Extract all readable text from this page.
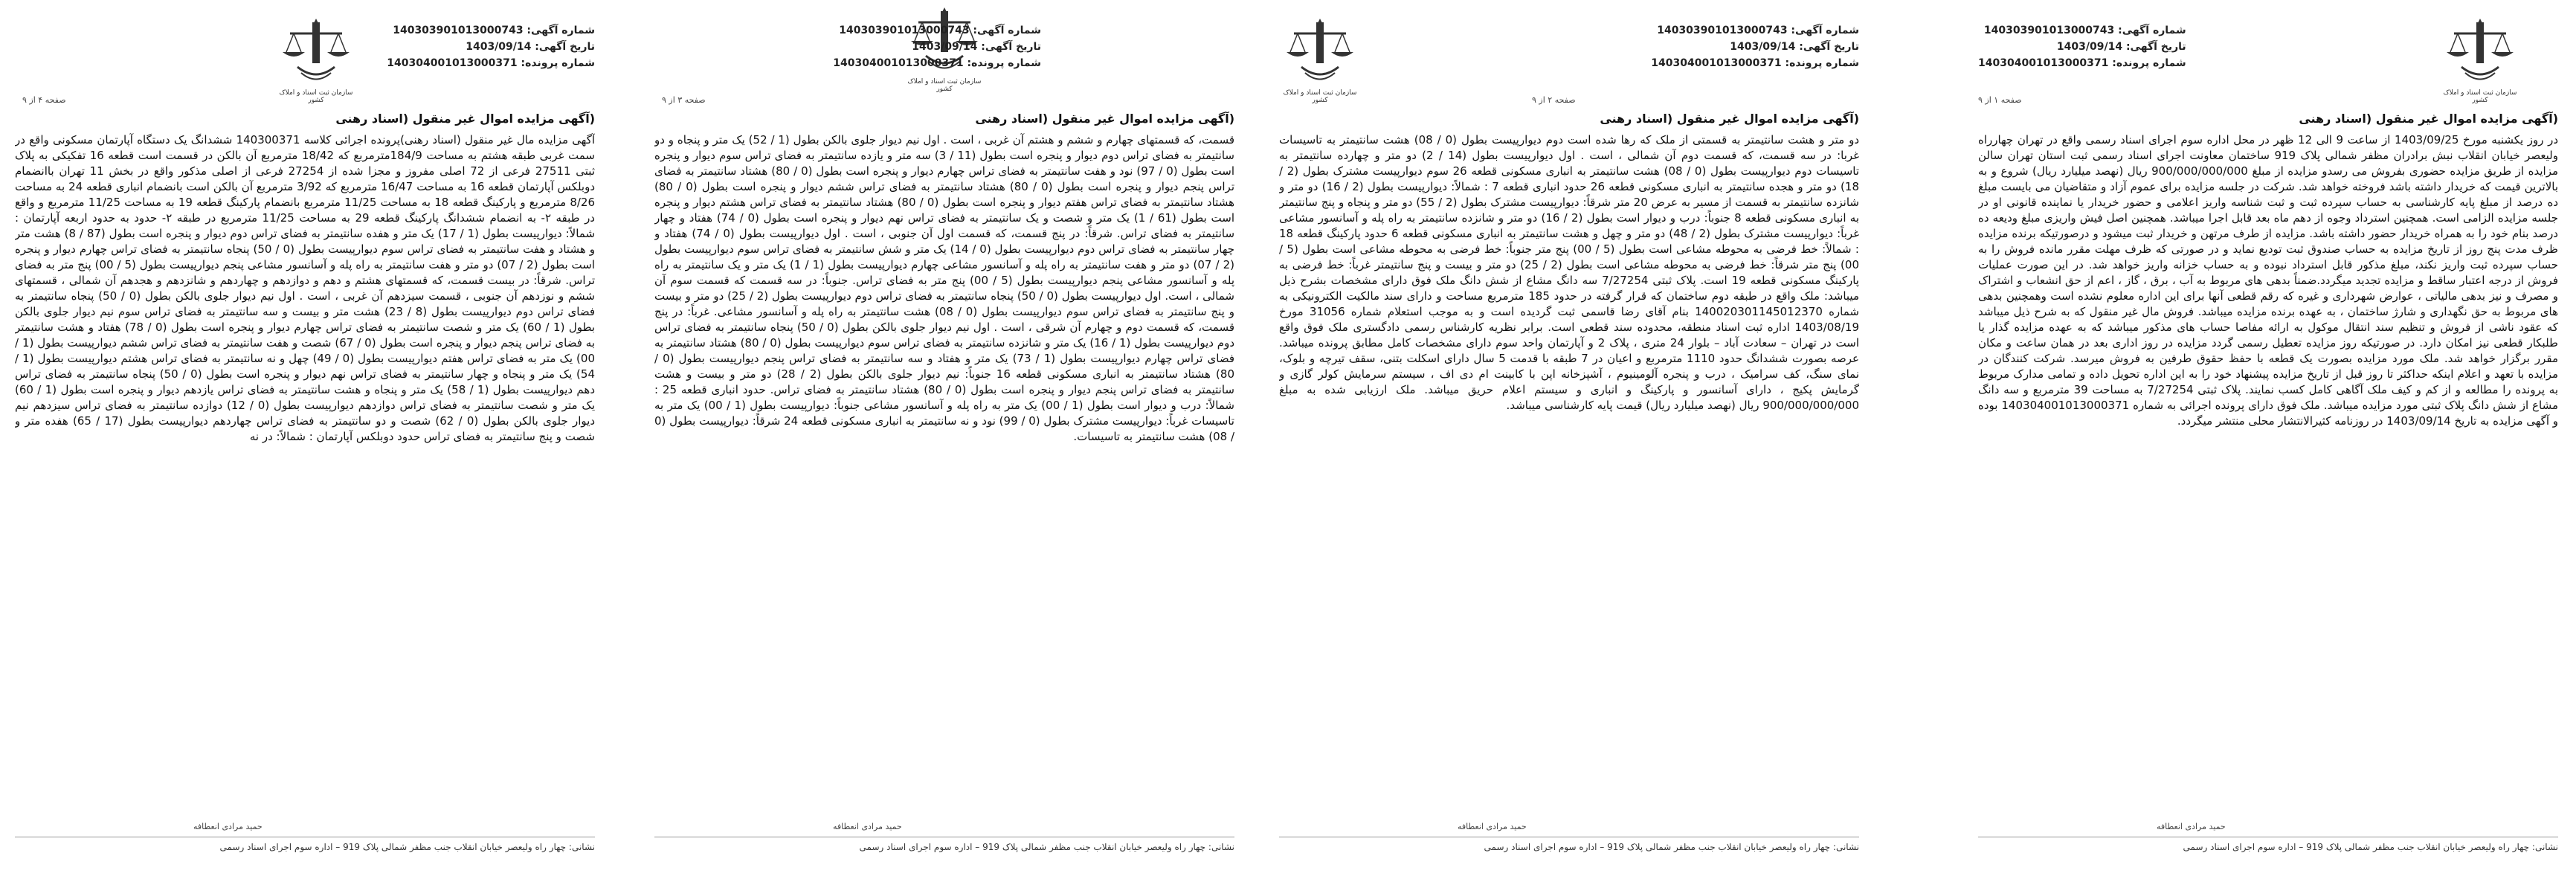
سازمان ثبت اسناد و املاک کشور
شماره آگهی: 140303901013000743
تاریخ آگهی: 1403/09/14
شماره پرونده: 140304001013000371
صفحه ۱ از ۹
(آگهی مزایده اموال غیر منقول (اسناد رهنی
در روز یکشنبه مورخ 1403/09/25 از ساعت 9 الی 12 ظهر در محل اداره سوم اجرای اسناد رسمی واقع در تهران چهارراه ولیعصر خیابان انقلاب نبش برادران مظفر شمالی پلاک 919 ساختمان معاونت اجرای اسناد رسمی ثبت استان تهران سالن مزایده از طریق مزایده حضوری بفروش می رسدو مزایده از مبلغ 900/000/000/000 ریال (نهصد میلیارد ریال) شروع و به بالاترین قیمت که خریدار داشته باشد فروخته خواهد شد. شرکت در جلسه مزایده برای عموم آزاد و متقاضیان می بایست مبلغ ده درصد از مبلغ پایه کارشناسی به حساب سپرده ثبت و ثبت شناسه واریز اعلامی و حضور خریدار یا نماینده قانونی او در جلسه مزایده الزامی است. همچنین استرداد وجوه از دهم ماه بعد قابل اجرا میباشد. همچنین اصل فیش واریزی مبلغ ودیعه ده درصد بنام خود را به همراه خریدار حضور داشته باشد. مزایده از طرف مرتهن و خریدار ثبت میشود و درصورتیکه برنده مزایده ظرف مدت پنج روز از تاریخ مزایده به حساب صندوق ثبت تودیع نماید و در صورتی که ظرف مهلت مقرر مانده فروش را به حساب سپرده ثبت واریز نکند، مبلغ مذکور قابل استرداد نبوده و به حساب خزانه واریز خواهد شد. در این صورت عملیات فروش از درجه اعتبار ساقط و مزایده تجدید میگردد.ضمناً بدهی های مربوط به آب ، برق ، گاز ، اعم از حق انشعاب و اشتراک و مصرف و نیز بدهی مالیاتی ، عوارض شهرداری و غیره که رقم قطعی آنها برای این اداره معلوم نشده است وهمچنین بدهی های مربوط به حق نگهداری و شارژ ساختمان ، به عهده برنده مزایده میباشد. فروش مال غیر منقول که به شرح ذیل میباشد که عقود ناشی از فروش و تنظیم سند انتقال موکول به ارائه مفاصا حساب های مذکور میباشد که به عهده مزایده گذار یا طلبکار قطعی نیز امکان دارد. در صورتیکه روز مزایده تعطیل رسمی گردد مزایده در روز اداری بعد در همان ساعت و مکان مقرر برگزار خواهد شد. ملک مورد مزایده بصورت یک قطعه با حفظ حقوق طرفین به فروش میرسد. شرکت کنندگان در مزایده با تعهد و اعلام اینکه حداکثر تا روز قبل از تاریخ مزایده پیشنهاد خود را به این اداره تحویل داده و تمامی مدارک مربوط به پرونده را مطالعه و از کم و کیف ملک آگاهی کامل کسب نمایند. پلاک ثبتی 7/27254 به مساحت 39 مترمربع و سه دانگ مشاع از شش دانگ پلاک ثبتی مورد مزایده میباشد. ملک فوق دارای پرونده اجرائی به شماره 140304001013000371 بوده و آگهی مزایده به تاریخ 1403/09/14 در روزنامه کثیرالانتشار محلی منتشر میگردد.
حمید مرادی انعطافه
نشانی: چهار راه ولیعصر خیابان انقلاب جنب مظفر شمالی پلاک 919 – اداره سوم اجرای اسناد رسمی
سازمان ثبت اسناد و املاک کشور
شماره آگهی: 140303901013000743
تاریخ آگهی: 1403/09/14
شماره پرونده: 140304001013000371
صفحه ۲ از ۹
(آگهی مزایده اموال غیر منقول (اسناد رهنی
دو متر و هشت سانتیمتر به قسمتی از ملک که رها شده است دوم دیوارپیست بطول (0 / 08) هشت سانتیمتر به تاسیسات غربا: در سه قسمت، که قسمت دوم آن شمالی ، است . اول دیوارپیست بطول (14 / 2) دو متر و چهارده سانتیمتر به تاسیسات دوم دیوارپیست بطول (0 / 08) هشت سانتیمتر به انباری مسکونی قطعه 26 سوم دیوارپیست مشترک بطول (2 / 18) دو متر و هجده سانتیمتر به انباری مسکونی قطعه 26 حدود انباری قطعه 7 : شمالاً: دیوارپیست بطول (2 / 16) دو متر و شانزده سانتیمتر به قسمت از مسیر به عرض 20 متر شرقاً: دیوارپیست مشترک بطول (2 / 55) دو متر و پنجاه و پنج سانتیمتر به انباری مسکونی قطعه 8 جنوباً: درب و دیوار است بطول (2 / 16) دو متر و شانزده سانتیمتر به راه پله و آسانسور مشاعی غرباً: دیوارپیست مشترک بطول (2 / 48) دو متر و چهل و هشت سانتیمتر به انباری مسکونی قطعه 6 حدود پارکینگ قطعه 18 : شمالاً: خط فرضی به محوطه مشاعی است بطول (5 / 00) پنج متر جنوباً: خط فرضی به محوطه مشاعی است بطول (5 / 00) پنج متر شرقاً: خط فرضی به محوطه مشاعی است بطول (2 / 25) دو متر و بیست و پنج سانتیمتر غرباً: خط فرضی به پارکینگ مسکونی قطعه 19 است. پلاک ثبتی 7/27254 سه دانگ مشاع از شش دانگ ملک فوق دارای مشخصات بشرح ذیل میباشد: ملک واقع در طبقه دوم ساختمان که قرار گرفته در حدود 185 مترمربع مساحت و دارای سند مالکیت الکترونیکی به شماره 140020301145012370 بنام آقای رضا قاسمی ثبت گردیده است و به موجب استعلام شماره 31056 مورخ 1403/08/19 اداره ثبت اسناد منطقه، محدوده سند قطعی است. برابر نظریه کارشناس رسمی دادگستری ملک فوق واقع است در تهران – سعادت آباد – بلوار 24 متری ، پلاک 2 و آپارتمان واحد سوم دارای مشخصات کامل مطابق پرونده میباشد. عرصه بصورت ششدانگ حدود 1110 مترمربع و اعیان در 7 طبقه با قدمت 5 سال دارای اسکلت بتنی، سقف تیرچه و بلوک، نمای سنگ، کف سرامیک ، درب و پنجره آلومینیوم ، آشپزخانه اپن با کابینت ام دی اف ، سیستم سرمایش کولر گازی و گرمایش پکیج ، دارای آسانسور و پارکینگ و انباری و سیستم اعلام حریق میباشد. ملک ارزیابی شده به مبلغ 900/000/000/000 ریال (نهصد میلیارد ریال) قیمت پایه کارشناسی میباشد.
حمید مرادی انعطافه
نشانی: چهار راه ولیعصر خیابان انقلاب جنب مظفر شمالی پلاک 919 – اداره سوم اجرای اسناد رسمی
سازمان ثبت اسناد و املاک کشور
شماره آگهی: 140303901013000743
تاریخ آگهی: 1403/09/14
شماره پرونده: 140304001013000371
صفحه ۳ از ۹
(آگهی مزایده اموال غیر منقول (اسناد رهنی
قسمت، که قسمتهای چهارم و ششم و هشتم آن غربی ، است . اول نیم دیوار جلوی بالکن بطول (1 / 52) یک متر و پنجاه و دو سانتیمتر به فضای تراس دوم دیوار و پنجره است بطول (11 / 3) سه متر و یازده سانتیمتر به فضای تراس سوم دیوار و پنجره است بطول (0 / 97) نود و هفت سانتیمتر به فضای تراس چهارم دیوار و پنجره است بطول (0 / 80) هشتاد سانتیمتر به فضای تراس پنجم دیوار و پنجره است بطول (0 / 80) هشتاد سانتیمتر به فضای تراس ششم دیوار و پنجره است بطول (0 / 80) هشتاد سانتیمتر به فضای تراس هفتم دیوار و پنجره است بطول (0 / 80) هشتاد سانتیمتر به فضای تراس هشتم دیوار و پنجره است بطول (61 / 1) یک متر و شصت و یک سانتیمتر به فضای تراس نهم دیوار و پنجره است بطول (0 / 74) هفتاد و چهار سانتیمتر به فضای تراس. شرقاً: در پنج قسمت، که قسمت اول آن جنوبی ، است . اول دیوارپیست بطول (0 / 74) هفتاد و چهار سانتیمتر به فضای تراس دوم دیوارپیست بطول (0 / 14) یک متر و شش سانتیمتر به فضای تراس سوم دیوارپیست بطول (2 / 07) دو متر و هفت سانتیمتر به راه پله و آسانسور مشاعی چهارم دیوارپیست بطول (1 / 1) یک متر و یک سانتیمتر به راه پله و آسانسور مشاعی پنجم دیوارپیست بطول (5 / 00) پنج متر به فضای تراس. جنوباً: در سه قسمت که قسمت سوم آن شمالی ، است. اول دیوارپیست بطول (0 / 50) پنجاه سانتیمتر به فضای تراس دوم دیوارپیست بطول (2 / 25) دو متر و بیست و پنج سانتیمتر به فضای تراس سوم دیوارپیست بطول (0 / 08) هشت سانتیمتر به راه پله و آسانسور مشاعی. غرباً: در پنج قسمت، که قسمت دوم و چهارم آن شرقی ، است . اول نیم دیوار جلوی بالکن بطول (0 / 50) پنجاه سانتیمتر به فضای تراس دوم دیوارپیست بطول (1 / 16) یک متر و شانزده سانتیمتر به فضای تراس سوم دیوارپیست بطول (0 / 80) هشتاد سانتیمتر به فضای تراس چهارم دیوارپیست بطول (1 / 73) یک متر و هفتاد و سه سانتیمتر به فضای تراس پنجم دیوارپیست بطول (0 / 80) هشتاد سانتیمتر به انباری مسکونی قطعه 16 جنوباً: نیم دیوار جلوی بالکن بطول (2 / 28) دو متر و بیست و هشت سانتیمتر به فضای تراس پنجم دیوار و پنجره است بطول (0 / 80) هشتاد سانتیمتر به فضای تراس. حدود انباری قطعه 25 : شمالاً: درب و دیوار است بطول (1 / 00) یک متر به راه پله و آسانسور مشاعی جنوباً: دیوارپیست بطول (1 / 00) یک متر به تاسیسات غرباً: دیوارپیست مشترک بطول (0 / 99) نود و نه سانتیمتر به انباری مسکونی قطعه 24 شرقاً: دیوارپیست بطول (0 / 08) هشت سانتیمتر به تاسیسات.
حمید مرادی انعطافه
نشانی: چهار راه ولیعصر خیابان انقلاب جنب مظفر شمالی پلاک 919 – اداره سوم اجرای اسناد رسمی
سازمان ثبت اسناد و املاک کشور
شماره آگهی: 140303901013000743
تاریخ آگهی: 1403/09/14
شماره پرونده: 140304001013000371
صفحه ۴ از ۹
(آگهی مزایده اموال غیر منقول (اسناد رهنی
آگهی مزایده مال غیر منقول (اسناد رهنی)پرونده اجرائی کلاسه 140300371 ششدانگ یک دستگاه آپارتمان مسکونی واقع در سمت غربی طبقه هشتم به مساحت 184/9مترمربع که 18/42 مترمربع آن بالکن در قسمت است قطعه 16 تفکیکی به پلاک ثبتی 27511 فرعی از 72 اصلی مفروز و مجزا شده از 27254 فرعی از اصلی مذکور واقع در بخش 11 تهران باانضمام دوبلکس آپارتمان قطعه 16 به مساحت 16/47 مترمربع که 3/92 مترمربع آن بالکن است بانضمام انباری قطعه 24 به مساحت 8/26 مترمربع و پارکینگ قطعه 18 به مساحت 11/25 مترمربع بانضمام پارکینگ قطعه 19 به مساحت 11/25 مترمربع و واقع در طبقه ۲- به انضمام ششدانگ پارکینگ قطعه 29 به مساحت 11/25 مترمربع در طبقه ۲- حدود به حدود اربعه آپارتمان : شمالاً: دیوارپیست بطول (1 / 17) یک متر و هفده سانتیمتر به فضای تراس دوم دیوار و پنجره است بطول (87 / 8) هشت متر و هشتاد و هفت سانتیمتر به فضای تراس سوم دیوارپیست بطول (0 / 50) پنجاه سانتیمتر به فضای تراس چهارم دیوار و پنجره است بطول (2 / 07) دو متر و هفت سانتیمتر به راه پله و آسانسور مشاعی پنجم دیوارپیست بطول (5 / 00) پنج متر به فضای تراس. شرقاً: در بیست قسمت، که قسمتهای هشتم و دهم و دوازدهم و چهاردهم و شانزدهم و هجدهم آن شمالی ، قسمتهای ششم و نوزدهم آن جنوبی ، قسمت سیزدهم آن غربی ، است . اول نیم دیوار جلوی بالکن بطول (0 / 50) پنجاه سانتیمتر به فضای تراس دوم دیوارپیست بطول (8 / 23) هشت متر و بیست و سه سانتیمتر به فضای تراس سوم نیم دیوار جلوی بالکن بطول (1 / 60) یک متر و شصت سانتیمتر به فضای تراس چهارم دیوار و پنجره است بطول (0 / 78) هفتاد و هشت سانتیمتر به فضای تراس پنجم دیوار و پنجره است بطول (0 / 67) شصت و هفت سانتیمتر به فضای تراس ششم دیوارپیست بطول (1 / 00) یک متر به فضای تراس هفتم دیوارپیست بطول (0 / 49) چهل و نه سانتیمتر به فضای تراس هشتم دیوارپیست بطول (1 / 54) یک متر و پنجاه و چهار سانتیمتر به فضای تراس نهم دیوار و پنجره است بطول (0 / 50) پنجاه سانتیمتر به فضای تراس دهم دیوارپیست بطول (1 / 58) یک متر و پنجاه و هشت سانتیمتر به فضای تراس یازدهم دیوار و پنجره است بطول (1 / 60) یک متر و شصت سانتیمتر به فضای تراس دوازدهم دیوارپیست بطول (0 / 12) دوازده سانتیمتر به فضای تراس سیزدهم نیم دیوار جلوی بالکن بطول (0 / 62) شصت و دو سانتیمتر به فضای تراس چهاردهم دیوارپیست بطول (17 / 65) هفده متر و شصت و پنج سانتیمتر به فضای تراس حدود دوبلکس آپارتمان : شمالاً: در نه
حمید مرادی انعطافه
نشانی: چهار راه ولیعصر خیابان انقلاب جنب مظفر شمالی پلاک 919 – اداره سوم اجرای اسناد رسمی
